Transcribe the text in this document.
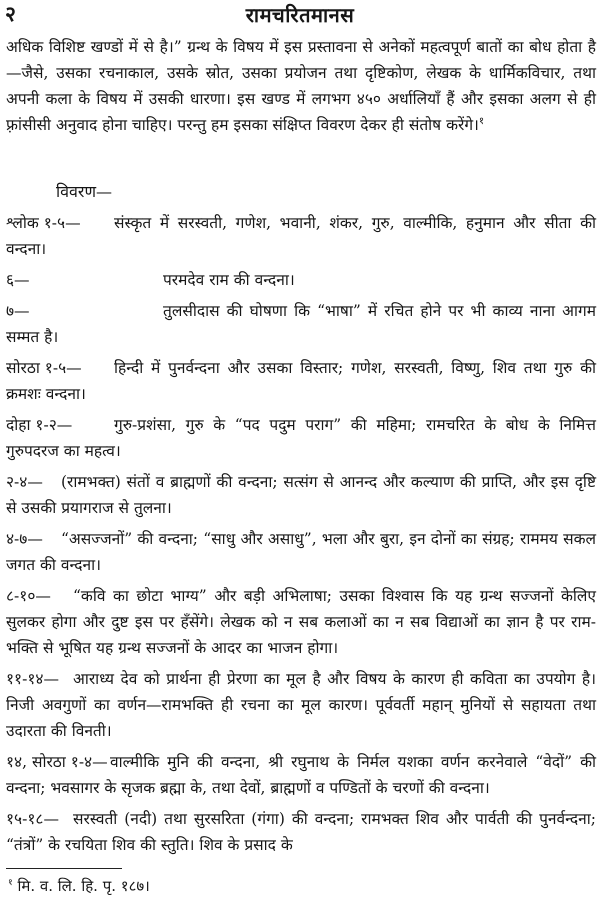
२	रामचरितमानस
अधिक विशिष्ट खण्डों में से है।” ग्रन्थ के विषय में इस प्रस्तावना से अनेकों महत्वपूर्ण बातों का बोध होता है—जैसे, उसका रचनाकाल, उसके स्रोत, उसका प्रयोजन तथा दृष्टिकोण, लेखक के धार्मिकविचार, तथा अपनी कला के विषय में उसकी धारणा। इस खण्ड में लगभग ४५० अर्धालियाँ हैं और इसका अलग से ही फ़्रांसीसी अनुवाद होना चाहिए। परन्तु हम इसका संक्षिप्त विवरण देकर ही संतोष करेंगे।$^१$
विवरण—
श्लोक १-५—	संस्कृत में सरस्वती, गणेश, भवानी, शंकर, गुरु, वाल्मीकि, हनुमान और सीता की वन्दना।
६—	परमदेव राम की वन्दना।
७—	तुलसीदास की घोषणा कि “भाषा” में रचित होने पर भी काव्य नाना आगम सम्मत है।
सोरठा १-५—	हिन्दी में पुनर्वन्दना और उसका विस्तार; गणेश, सरस्वती, विष्णु, शिव तथा गुरु की क्रमशः वन्दना।
दोहा १-२—	गुरु-प्रशंसा, गुरु के “पद पदुम पराग” की महिमा; रामचरित के बोध के निमित्त गुरुपदरज का महत्व।
२-४—	(रामभक्त) संतों व ब्राह्मणों की वन्दना; सत्संग से आनन्द और कल्याण की प्राप्ति, और इस दृष्टि से उसकी प्रयागराज से तुलना।
४-७—	“असज्जनों” की वन्दना; “साधु और असाधु”, भला और बुरा, इन दोनों का संग्रह; राममय सकल जगत की वन्दना।
८-१०—	“कवि का छोटा भाग्य” और बड़ी अभिलाषा; उसका विश्वास कि यह ग्रन्थ सज्जनों केलिए सुलकर होगा और दुष्ट इस पर हँसेंगे। लेखक को न सब कलाओं का न सब विद्याओं का ज्ञान है पर राम-भक्ति से भूषित यह ग्रन्थ सज्जनों के आदर का भाजन होगा।
११-१४— आराध्य देव को प्रार्थना ही प्रेरणा का मूल है और विषय के कारण ही कविता का उपयोग है। निजी अवगुणों का वर्णन—रामभक्ति ही रचना का मूल कारण। पूर्ववर्ती महान् मुनियों से सहायता तथा उदारता की विनती।
१४, सोरठा १-४— वाल्मीकि मुनि की वन्दना, श्री रघुनाथ के निर्मल यशका वर्णन करनेवाले “वेदों” की वन्दना; भवसागर के सृजक ब्रह्मा के, तथा देवों, ब्राह्मणों व पण्डितों के चरणों की वन्दना।
१५-१८— सरस्वती (नदी) तथा सुरसरिता (गंगा) की वन्दना; रामभक्त शिव और पार्वती की पुनर्वन्दना; “तंत्रों” के रचयिता शिव की स्तुति। शिव के प्रसाद के
$^१$ मि. व. लि. हि. पृ. १८७।
